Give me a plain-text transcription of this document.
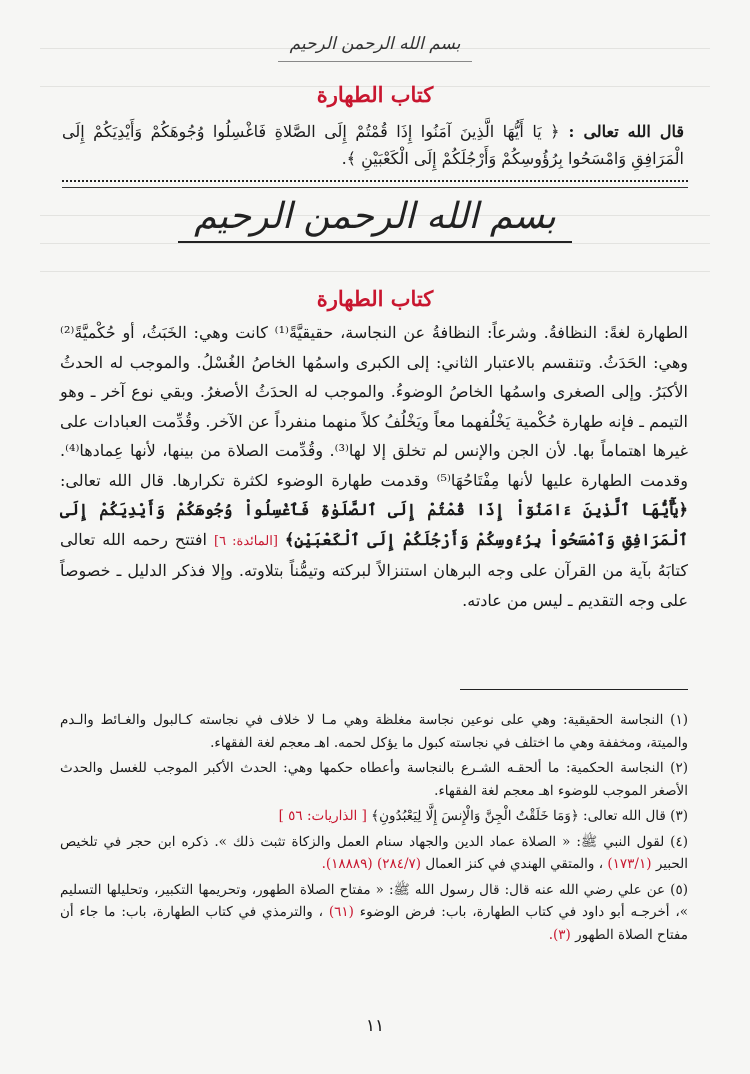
بسم الله الرحمن الرحيم
كتاب الطهارة
قال الله تعالى : ﴿ يَا أَيُّهَا الَّذِينَ آمَنُوا إِذَا قُمْتُمْ إِلَى الصَّلاةِ فَاغْسِلُوا وُجُوهَكُمْ وَأَيْدِيَكُمْ إِلَى الْمَرَافِقِ وَامْسَحُوا بِرُؤُوسِكُمْ وَأَرْجُلَكُمْ إِلَى الْكَعْبَيْنِ ﴾.
بسم الله الرحمن الرحيم
كتاب الطهارة

الطهارة لغةً: النظافةُ. وشرعاً: النظافةُ عن النجاسة، حقيقيَّةً⁽¹⁾ كانت وهي: الخَبَثُ، أو حُكْميَّةً⁽²⁾ وهي: الحَدَثُ. وتنقسم بالاعتبار الثاني: إلى الكبرى واسمُها الخاصُ الغُسْلُ. والموجب له الحدثُ الأكبَرُ. وإلى الصغرى واسمُها الخاصُ الوضوءُ. والموجب له الحدَثُ الأصغرُ. وبقي نوع آخر ـ وهو التيمم ـ فإنه طهارة حُكْمية يَخْلُفهما معاً ويَخْلُفُ كلاً منهما منفرداً عن الآخر. وقُدِّمت العبادات على غيرها اهتماماً بها. لأن الجن والإنس لم تخلق إلا لها⁽³⁾. وقُدِّمت الصلاة من بينها، لأنها عِمادها⁽⁴⁾. وقدمت الطهارة عليها لأنها مِفْتَاحُهَا⁽⁵⁾ وقدمت طهارة الوضوء لكثرة تكرارها. قال الله تعالى: ﴿يَٰٓأَيُّهَا ٱلَّذِينَ ءَامَنُوٓاْ إِذَا قُمْتُمْ إِلَى ٱلصَّلَوٰةِ فَٱغْسِلُواْ وُجُوهَكُمْ وَأَيْدِيَكُمْ إِلَى ٱلْمَرَافِقِ وَٱمْسَحُواْ بِرُءُوسِكُمْ وَأَرْجُلَكُمْ إِلَى ٱلْكَعْبَيْنِ﴾ [المائدة: ٦] افتتح رحمه الله تعالى كتابَهُ بآية من القرآن على وجه البرهان استنزالاً لبركته وتيمُّناً بتلاوته. وإلا فذكر الدليل ـ خصوصاً على وجه التقديم ـ ليس من عادته.

(١) النجاسة الحقيقية: وهي على نوعين نجاسة مغلظة وهي مـا لا خلاف في نجاسته كـالبول والغـائط والـدم والميتة، ومخففة وهي ما اختلف في نجاسته كبول ما يؤكل لحمه. اهـ معجم لغة الفقهاء.

(٢) النجاسة الحكمية: ما ألحقـه الشـرع بالنجاسة وأعطاه حكمها وهي: الحدث الأكبر الموجب للغسل والحدث الأصغر الموجب للوضوء اهـ معجم لغة الفقهاء.

(٣) قال الله تعالى: ﴿وَمَا خَلَقْتُ الْجِنَّ وَالْإِنسَ إِلَّا لِيَعْبُدُونِ﴾ [ الذاريات: ٥٦ ]

(٤) لقول النبي ﷺ: « الصلاة عماد الدين والجهاد سنام العمل والزكاة تثبت ذلك ». ذكره ابن حجر في تلخيص الحبير (١٧٣/١) ، والمتقي الهندي في كنز العمال (٢٨٤/٧) (١٨٨٨٩).

(٥) عن علي رضي الله عنه قال: قال رسول الله ﷺ: « مفتاح الصلاة الطهور، وتحريمها التكبير، وتحليلها التسليم »، أخرجـه أبو داود في كتاب الطهارة، باب: فرض الوضوء (٦١) ، والترمذي في كتاب الطهارة، باب: ما جاء أن مفتاح الصلاة الطهور (٣).

١١
